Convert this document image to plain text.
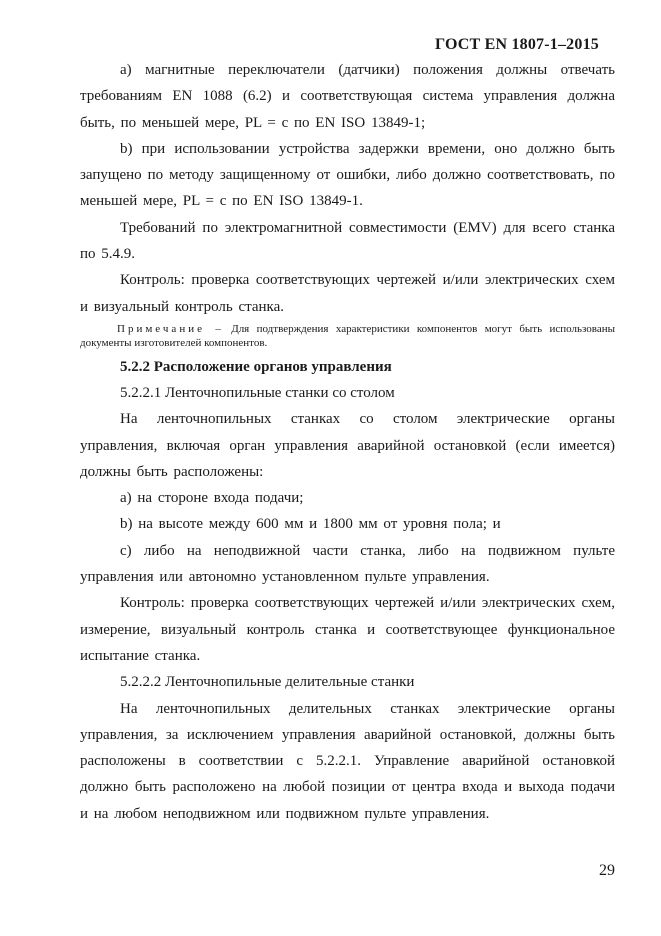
ГОСТ EN 1807-1–2015

а) магнитные переключатели (датчики) положения должны отвечать требованиям EN 1088 (6.2) и соответствующая система управления должна быть, по меньшей мере, PL = c по EN ISO 13849-1;

b) при использовании устройства задержки времени, оно должно быть запущено по методу защищенному от ошибки, либо должно соответствовать, по меньшей мере, PL = c по EN ISO 13849-1.

Требований по электромагнитной совместимости (EMV) для всего станка по 5.4.9.

Контроль: проверка соответствующих чертежей и/или электрических схем и визуальный контроль станка.

Примечание – Для подтверждения характеристики компонентов могут быть использованы документы изготовителей компонентов.

5.2.2 Расположение органов управления

5.2.2.1 Ленточнопильные станки со столом

На ленточнопильных станках со столом электрические органы управления, включая орган управления аварийной остановкой (если имеется) должны быть расположены:

a) на стороне входа подачи;

b) на высоте между 600 мм и 1800 мм от уровня пола; и

c) либо на неподвижной части станка, либо на подвижном пульте управления или автономно установленном пульте управления.

Контроль: проверка соответствующих чертежей и/или электрических схем, измерение, визуальный контроль станка и соответствующее функциональное испытание станка.

5.2.2.2 Ленточнопильные делительные станки

На ленточнопильных делительных станках электрические органы управления, за исключением управления аварийной остановкой, должны быть расположены в соответствии с 5.2.2.1. Управление аварийной остановкой должно быть расположено на любой позиции от центра входа и выхода подачи и на любом неподвижном или подвижном пульте управления.

29
